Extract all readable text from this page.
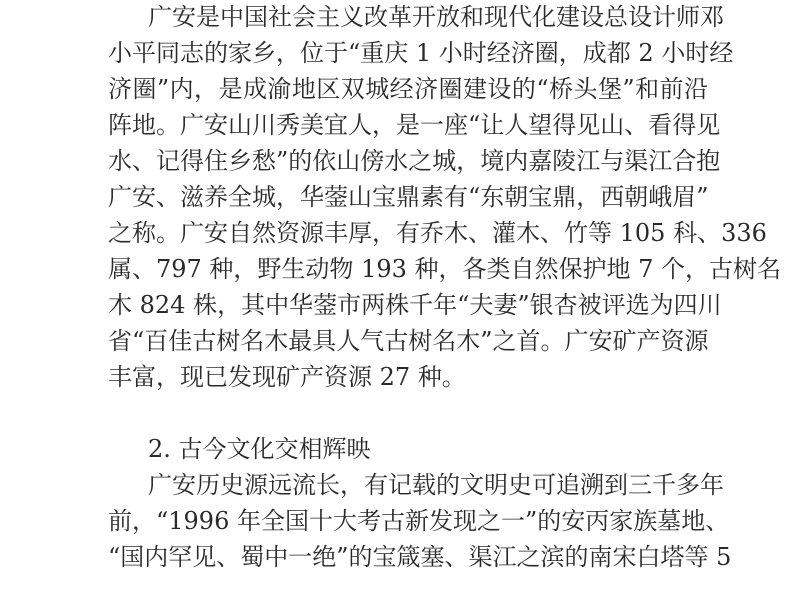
广安是中国社会主义改革开放和现代化建设总设计师邓
小平同志的家乡，位于“重庆 1 小时经济圈，成都 2 小时经
济圈”内，是成渝地区双城经济圈建设的“桥头堡”和前沿
阵地。广安山川秀美宜人，是一座“让人望得见山、看得见
水、记得住乡愁”的依山傍水之城，境内嘉陵江与渠江合抱
广安、滋养全城，华蓥山宝鼎素有“东朝宝鼎，西朝峨眉”
之称。广安自然资源丰厚，有乔木、灌木、竹等 105 科、336
属、797 种，野生动物 193 种，各类自然保护地 7 个，古树名
木 824 株，其中华蓥市两株千年“夫妻”银杏被评选为四川
省“百佳古树名木最具人气古树名木”之首。广安矿产资源
丰富，现已发现矿产资源 27 种。
2. 古今文化交相辉映
广安历史源远流长，有记载的文明史可追溯到三千多年
前，“1996 年全国十大考古新发现之一”的安丙家族墓地、
“国内罕见、蜀中一绝”的宝箴塞、渠江之滨的南宋白塔等 5
